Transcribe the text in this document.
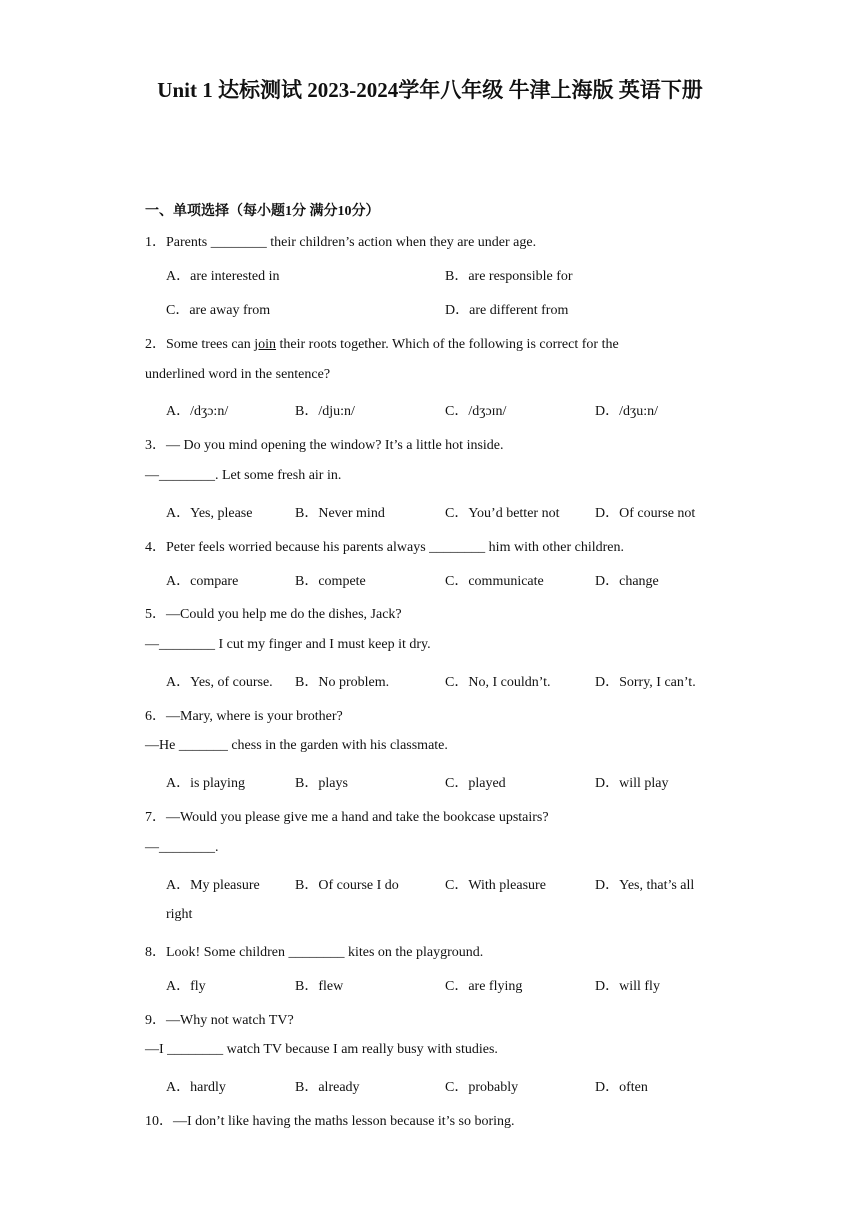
Unit 1 达标测试 2023-2024学年八年级 牛津上海版 英语下册
一、单项选择（每小题1分 满分10分）
1．Parents ________ their children’s action when they are under age.
A．are interested in	B．are responsible for
C．are away from	D．are different from
2．Some trees can join their roots together. Which of the following is correct for the
underlined word in the sentence?
A．/dʒɔ:n/	B．/dju:n/	C．/dʒɔɪn/	D．/dʒu:n/
3．— Do you mind opening the window? It’s a little hot inside.
—________. Let some fresh air in.
A．Yes, please	B．Never mind	C．You’d better not	D．Of course not
4．Peter feels worried because his parents always ________ him with other children.
A．compare	B．compete	C．communicate	D．change
5．—Could you help me do the dishes, Jack?
—________ I cut my finger and I must keep it dry.
A．Yes, of course. B．No problem.	C．No, I couldn’t.	D．Sorry, I can’t.
6．—Mary, where is your brother?
—He _______ chess in the garden with his classmate.
A．is playing	B．plays	C．played	D．will play
7．—Would you please give me a hand and take the bookcase upstairs?
—________.
A．My pleasure	B．Of course I do	C．With pleasure	D．Yes, that’s all
right
8．Look! Some children ________ kites on the playground.
A．fly	B．flew	C．are flying	D．will fly
9．—Why not watch TV?
—I ________ watch TV because I am really busy with studies.
A．hardly	B．already	C．probably	D．often
10．—I don’t like having the maths lesson because it’s so boring.
